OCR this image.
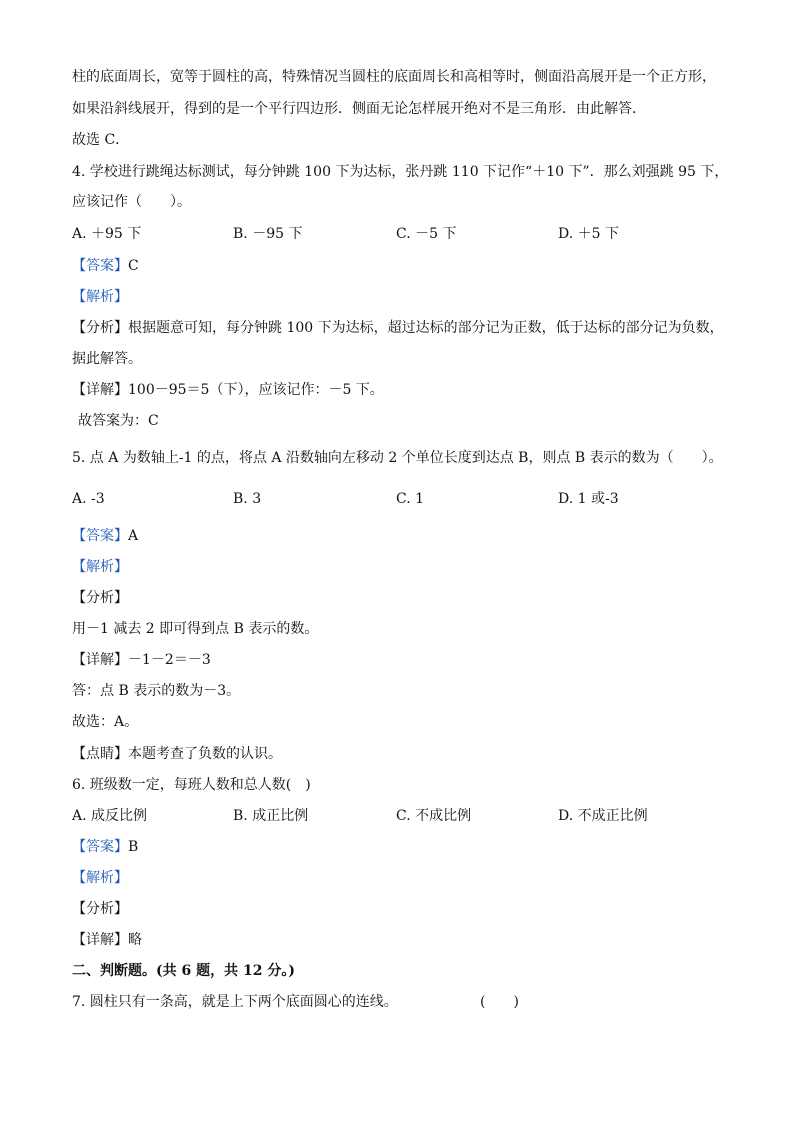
柱的底面周长，宽等于圆柱的高，特殊情况当圆柱的底面周长和高相等时，侧面沿高展开是一个正方形，
如果沿斜线展开，得到的是一个平行四边形．侧面无论怎样展开绝对不是三角形．由此解答．
故选 C．
4. 学校进行跳绳达标测试，每分钟跳 100 下为达标，张丹跳 110 下记作“＋10 下”．那么刘强跳 95 下，
应该记作（　　）。
A. ＋95 下	B. －95 下	C. －5 下	D. ＋5 下
【答案】C
【解析】
【分析】根据题意可知，每分钟跳 100 下为达标，超过达标的部分记为正数，低于达标的部分记为负数，
据此解答。
【详解】100－95＝5（下），应该记作：－5 下。
故答案为：C
5. 点 A 为数轴上-1 的点，将点 A 沿数轴向左移动 2 个单位长度到达点 B，则点 B 表示的数为（　　）。
A. -3	B. 3	C. 1	D. 1 或-3
【答案】A
【解析】
【分析】
用－1 减去 2 即可得到点 B 表示的数。
【详解】－1－2＝－3
答：点 B 表示的数为－3。
故选：A。
【点睛】本题考查了负数的认识。
6. 班级数一定，每班人数和总人数(　)
A. 成反比例	B. 成正比例	C. 不成比例	D. 不成正比例
【答案】B
【解析】
【分析】
【详解】略
二、判断题。(共 6 题，共 12 分。)
7. 圆柱只有一条高，就是上下两个底面圆心的连线。	(　　)
